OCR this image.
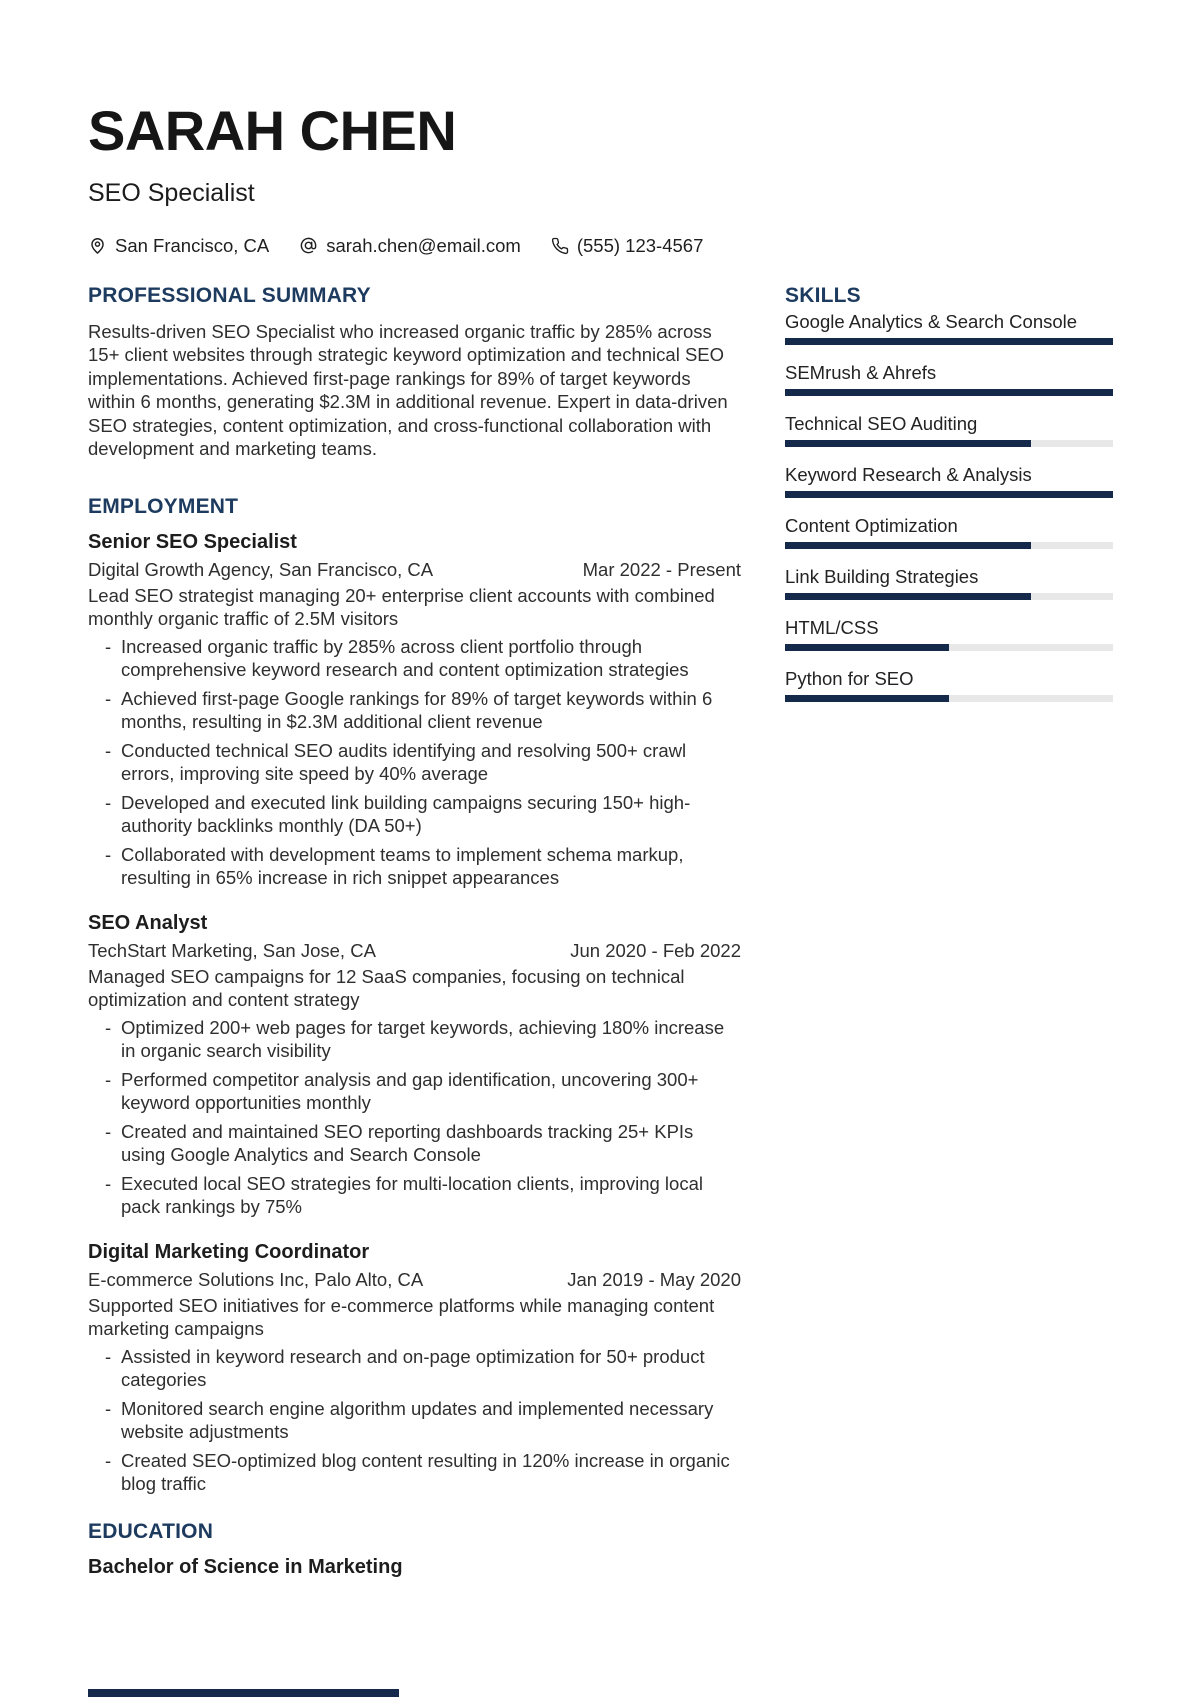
SARAH CHEN

SEO Specialist

San Francisco, CA	sarah.chen@email.com	(555) 123-4567
PROFESSIONAL SUMMARY

Results-driven SEO Specialist who increased organic traffic by 285% across 15+ client websites through strategic keyword optimization and technical SEO implementations. Achieved first-page rankings for 89% of target keywords within 6 months, generating $2.3M in additional revenue. Expert in data-driven SEO strategies, content optimization, and cross-functional collaboration with development and marketing teams.

EMPLOYMENT
Senior SEO Specialist
Digital Growth Agency, San Francisco, CA	Mar 2022 - Present

Lead SEO strategist managing 20+ enterprise client accounts with combined monthly organic traffic of 2.5M visitors

- Increased organic traffic by 285% across client portfolio through comprehensive keyword research and content optimization strategies
- Achieved first-page Google rankings for 89% of target keywords within 6 months, resulting in $2.3M additional client revenue
- Conducted technical SEO audits identifying and resolving 500+ crawl errors, improving site speed by 40% average
- Developed and executed link building campaigns securing 150+ high-authority backlinks monthly (DA 50+)
- Collaborated with development teams to implement schema markup, resulting in 65% increase in rich snippet appearances
SEO Analyst
TechStart Marketing, San Jose, CA	Jun 2020 - Feb 2022

Managed SEO campaigns for 12 SaaS companies, focusing on technical optimization and content strategy

- Optimized 200+ web pages for target keywords, achieving 180% increase in organic search visibility
- Performed competitor analysis and gap identification, uncovering 300+ keyword opportunities monthly
- Created and maintained SEO reporting dashboards tracking 25+ KPIs using Google Analytics and Search Console
- Executed local SEO strategies for multi-location clients, improving local pack rankings by 75%
Digital Marketing Coordinator
E-commerce Solutions Inc, Palo Alto, CA	Jan 2019 - May 2020

Supported SEO initiatives for e-commerce platforms while managing content marketing campaigns

- Assisted in keyword research and on-page optimization for 50+ product categories
- Monitored search engine algorithm updates and implemented necessary website adjustments
- Created SEO-optimized blog content resulting in 120% increase in organic blog traffic
EDUCATION

Bachelor of Science in Marketing

SKILLS
Google Analytics & Search Console
SEMrush & Ahrefs
Technical SEO Auditing
Keyword Research & Analysis
Content Optimization
Link Building Strategies
HTML/CSS
Python for SEO
